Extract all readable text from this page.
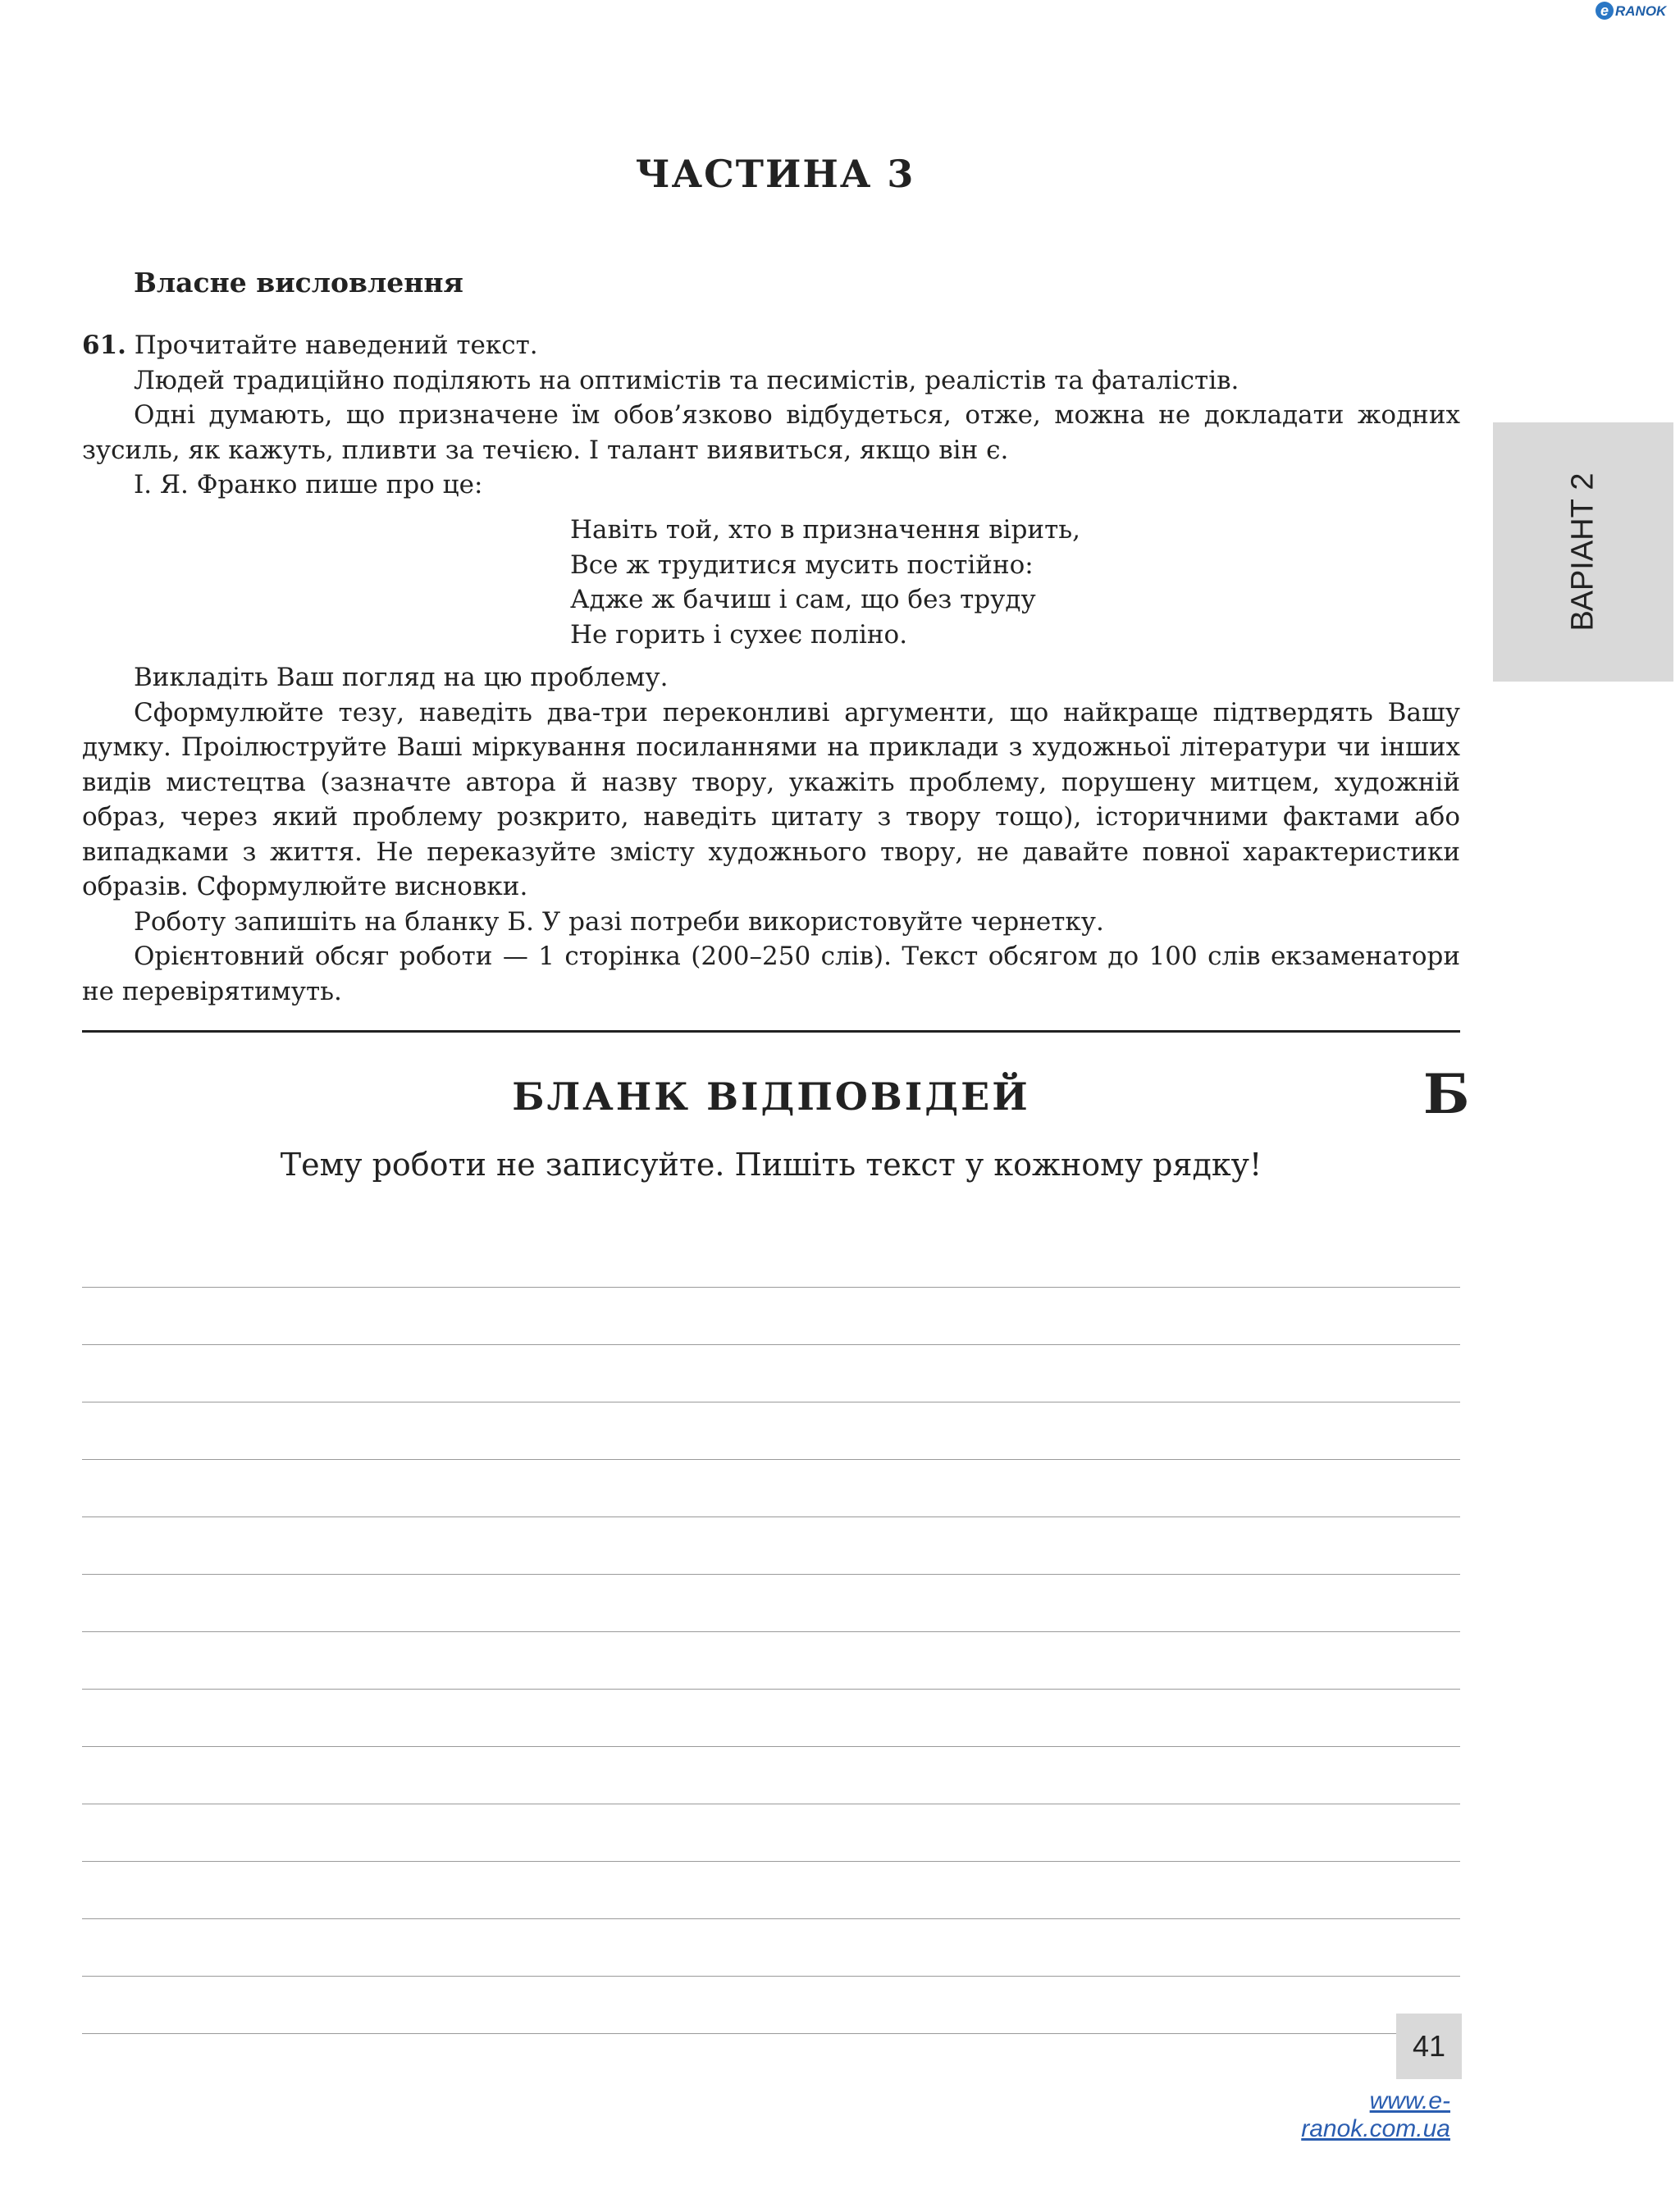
e RANOK
ЧАСТИНА 3
ВАРІАНТ 2
Власне висловлення

61. Прочитайте наведений текст.

Людей традиційно поділяють на оптимістів та песимістів, реалістів та фаталістів.

Одні думають, що призначене їм обов’язково відбудеться, отже, можна не докладати жодних зусиль, як кажуть, пливти за течією. І талант виявиться, якщо він є.

І. Я. Франко пише про це:

Навіть той, хто в призначення вірить,
Все ж трудитися мусить постійно:
Адже ж бачиш і сам, що без труду
Не горить і сухеє поліно.

Викладіть Ваш погляд на цю проблему.

Сформулюйте тезу, наведіть два-три переконливі аргументи, що найкраще підтвердять Вашу думку. Проілюструйте Ваші міркування посиланнями на приклади з художньої літератури чи інших видів мистецтва (зазначте автора й назву твору, укажіть проблему, порушену митцем, художній образ, через який проблему розкрито, наведіть цитату з твору тощо), історичними фактами або випадками з життя. Не переказуйте змісту художнього твору, не давайте повної характеристики образів. Сформулюйте висновки.

Роботу запишіть на бланку Б. У разі потреби використовуйте чернетку.

Орієнтовний обсяг роботи — 1 сторінка (200–250 слів). Текст обсягом до 100 слів екзаменатори не перевірятимуть.

БЛАНК ВІДПОВІДЕЙ	Б
Тему роботи не записуйте. Пишіть текст у кожному рядку!
41
www.e-ranok.com.ua
